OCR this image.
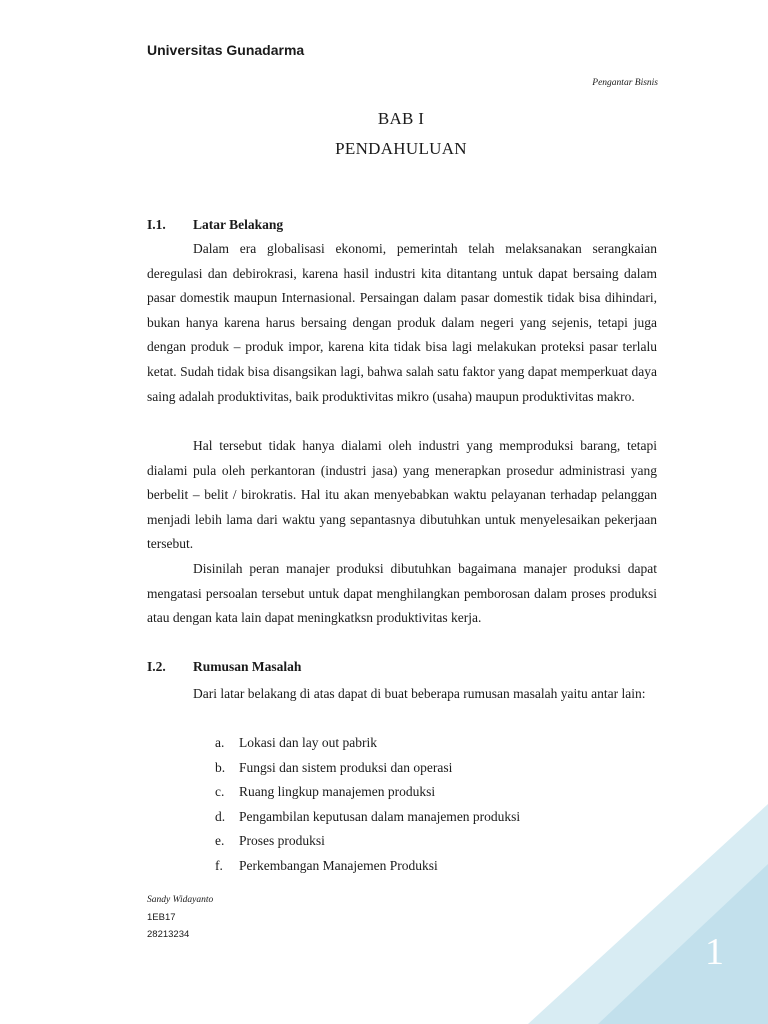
Universitas Gunadarma
Pengantar Bisnis
BAB I
PENDAHULUAN
I.1. Latar Belakang

Dalam era globalisasi ekonomi, pemerintah telah melaksanakan serangkaian deregulasi dan debirokrasi, karena hasil industri kita ditantang untuk dapat bersaing dalam pasar domestik maupun Internasional. Persaingan dalam pasar domestik tidak bisa dihindari, bukan hanya karena harus bersaing dengan produk dalam negeri yang sejenis, tetapi juga dengan produk – produk impor, karena kita tidak bisa lagi melakukan proteksi pasar terlalu ketat. Sudah tidak bisa disangsikan lagi, bahwa salah satu faktor yang dapat memperkuat daya saing adalah produktivitas, baik produktivitas mikro (usaha) maupun produktivitas makro.

Hal tersebut tidak hanya dialami oleh industri yang memproduksi barang, tetapi dialami pula oleh perkantoran (industri jasa) yang menerapkan prosedur administrasi yang berbelit – belit / birokratis. Hal itu akan menyebabkan waktu pelayanan terhadap pelanggan menjadi lebih lama dari waktu yang sepantasnya dibutuhkan untuk menyelesaikan pekerjaan tersebut.

Disinilah peran manajer produksi dibutuhkan bagaimana manajer produksi dapat mengatasi persoalan tersebut untuk dapat menghilangkan pemborosan dalam proses produksi atau dengan kata lain dapat meningkatksn produktivitas kerja.

I.2. Rumusan Masalah

Dari latar belakang di atas dapat di buat beberapa rumusan masalah yaitu antar lain:

a. Lokasi dan lay out pabrik
b. Fungsi dan sistem produksi dan operasi
c. Ruang lingkup manajemen produksi
d. Pengambilan keputusan dalam manajemen produksi
e. Proses produksi
f. Perkembangan Manajemen Produksi
Sandy Widayanto
1EB17
28213234	1
